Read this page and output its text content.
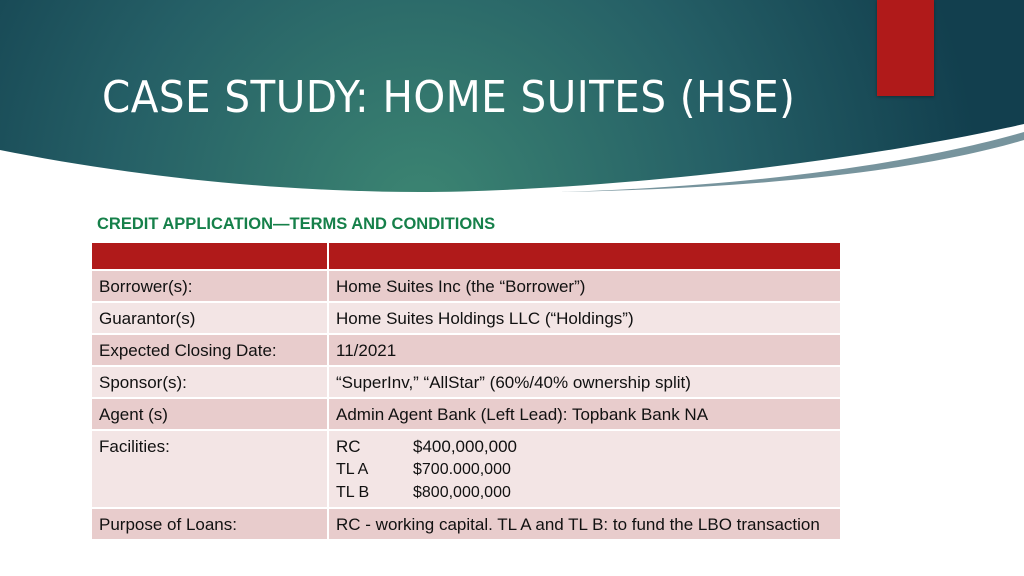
CASE STUDY: HOME SUITES (HSE)
CREDIT APPLICATION—TERMS AND CONDITIONS

Borrower(s):	Home Suites Inc (the “Borrower”)
Guarantor(s)	Home Suites Holdings LLC (“Holdings”)
Expected Closing Date:	11/2021
Sponsor(s):	“SuperInv,” “AllStar” (60%/40% ownership split)
Agent (s)	Admin Agent Bank (Left Lead): Topbank Bank NA
Facilities:	RC $400,000,000
TL A $700.000,000
TL B $800,000,000

Purpose of Loans:	RC - working capital. TL A and TL B: to fund the LBO transaction
